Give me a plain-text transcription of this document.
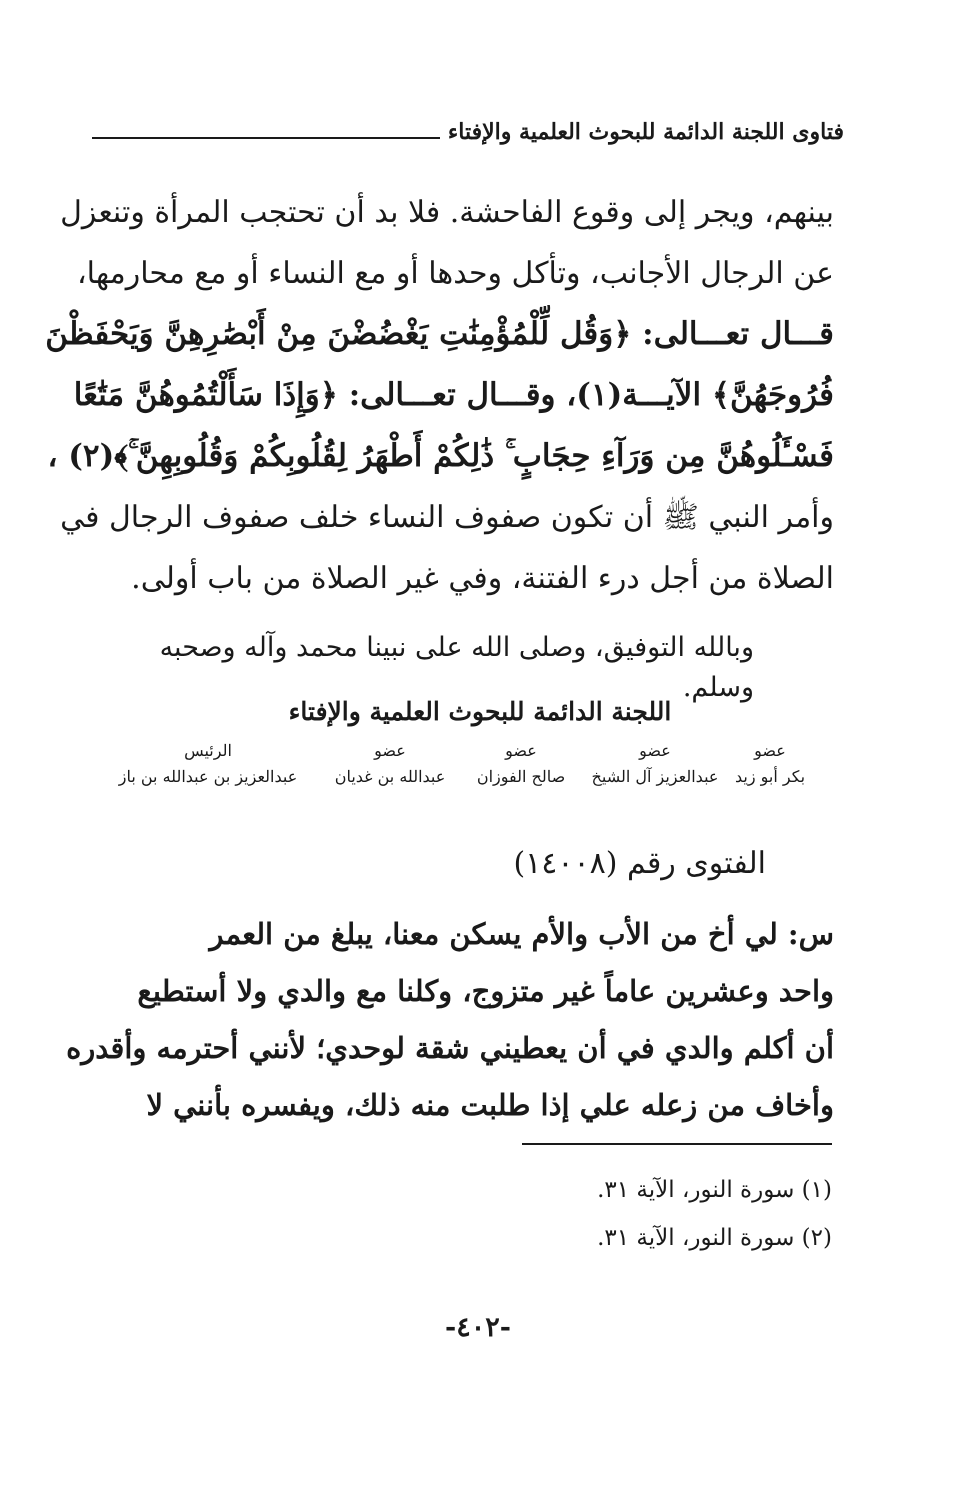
فتاوى اللجنة الدائمة للبحوث العلمية والإفتاء
بينهم، ويجر إلى وقوع الفاحشة. فلا بد أن تحتجب المرأة وتنعزل
عن الرجال الأجانب، وتأكل وحدها أو مع النساء أو مع محارمها،
قـــال تعـــالى: ﴿وَقُل لِّلْمُؤْمِنَٰتِ يَغْضُضْنَ مِنْ أَبْصَٰرِهِنَّ وَيَحْفَظْنَ
فُرُوجَهُنَّ﴾ الآيـــة(١)، وقـــال تعـــالى: ﴿وَإِذَا سَأَلْتُمُوهُنَّ مَتَٰعًا
فَسْـَٔلُوهُنَّ مِن وَرَآءِ حِجَابٍ ۚ ذَٰلِكُمْ أَطْهَرُ لِقُلُوبِكُمْ وَقُلُوبِهِنَّ ۚ﴾(٢) ،
وأمر النبي ﷺ أن تكون صفوف النساء خلف صفوف الرجال في
الصلاة من أجل درء الفتنة، وفي غير الصلاة من باب أولى.
وبالله التوفيق، وصلى الله على نبينا محمد وآله وصحبه وسلم.
اللجنة الدائمة للبحوث العلمية والإفتاء
عضو
بكر أبو زيد
عضو
عبدالعزيز آل الشيخ
عضو
صالح الفوزان
عضو
عبدالله بن غديان
الرئيس
عبدالعزيز بن عبدالله بن باز
الفتوى رقم (١٤٠٠٨)
س: لي أخ من الأب والأم يسكن معنا، يبلغ من العمر
واحد وعشرين عاماً غير متزوج، وكلنا مع والدي ولا أستطيع
أن أكلم والدي في أن يعطيني شقة لوحدي؛ لأنني أحترمه وأقدره
وأخاف من زعله علي إذا طلبت منه ذلك، ويفسره بأنني لا
(١) سورة النور، الآية ٣١.
(٢) سورة النور، الآية ٣١.
-٤٠٢-
